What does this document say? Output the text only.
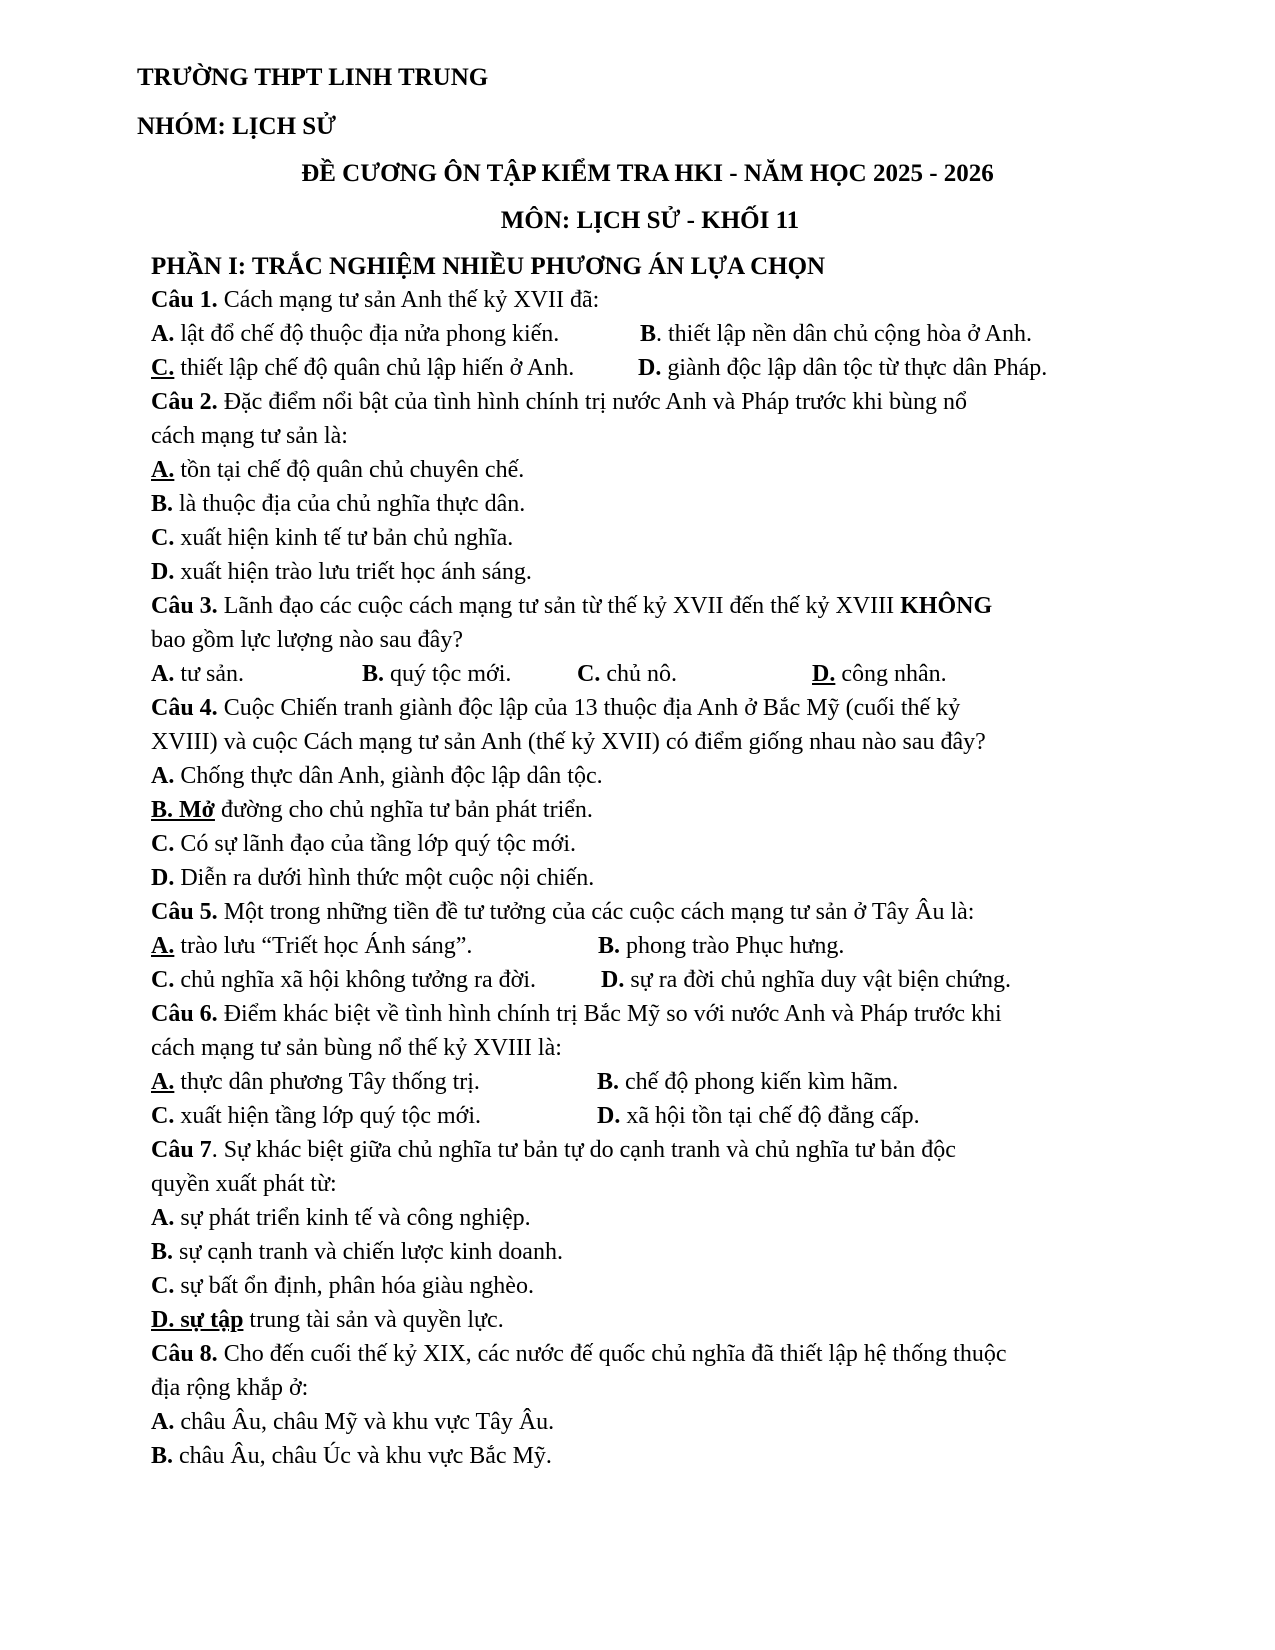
TRƯỜNG THPT LINH TRUNG
NHÓM: LỊCH SỬ
ĐỀ CƯƠNG ÔN TẬP KIỂM TRA HKI - NĂM HỌC 2025 - 2026
MÔN: LỊCH SỬ - KHỐI 11
PHẦN I: TRẮC NGHIỆM NHIỀU PHƯƠNG ÁN LỰA CHỌN
Câu 1. Cách mạng tư sản Anh thế kỷ XVII đã:
A. lật đổ chế độ thuộc địa nửa phong kiến.	B. thiết lập nền dân chủ cộng hòa ở Anh.
C. thiết lập chế độ quân chủ lập hiến ở Anh.	D. giành độc lập dân tộc từ thực dân Pháp.
Câu 2. Đặc điểm nổi bật của tình hình chính trị nước Anh và Pháp trước khi bùng nổ
cách mạng tư sản là:
A. tồn tại chế độ quân chủ chuyên chế.
B. là thuộc địa của chủ nghĩa thực dân.
C. xuất hiện kinh tế tư bản chủ nghĩa.
D. xuất hiện trào lưu triết học ánh sáng.
Câu 3. Lãnh đạo các cuộc cách mạng tư sản từ thế kỷ XVII đến thế kỷ XVIII KHÔNG
bao gồm lực lượng nào sau đây?
A. tư sản.	B. quý tộc mới.	C. chủ nô.	D. công nhân.
Câu 4. Cuộc Chiến tranh giành độc lập của 13 thuộc địa Anh ở Bắc Mỹ (cuối thế kỷ
XVIII) và cuộc Cách mạng tư sản Anh (thế kỷ XVII) có điểm giống nhau nào sau đây?
A. Chống thực dân Anh, giành độc lập dân tộc.
B. Mở đường cho chủ nghĩa tư bản phát triển.
C. Có sự lãnh đạo của tầng lớp quý tộc mới.
D. Diễn ra dưới hình thức một cuộc nội chiến.
Câu 5. Một trong những tiền đề tư tưởng của các cuộc cách mạng tư sản ở Tây Âu là:
A. trào lưu “Triết học Ánh sáng”.	B. phong trào Phục hưng.
C. chủ nghĩa xã hội không tưởng ra đời.	D. sự ra đời chủ nghĩa duy vật biện chứng.
Câu 6. Điểm khác biệt về tình hình chính trị Bắc Mỹ so với nước Anh và Pháp trước khi
cách mạng tư sản bùng nổ thế kỷ XVIII là:
A. thực dân phương Tây thống trị.	B. chế độ phong kiến kìm hãm.
C. xuất hiện tầng lớp quý tộc mới.	D. xã hội tồn tại chế độ đẳng cấp.
Câu 7. Sự khác biệt giữa chủ nghĩa tư bản tự do cạnh tranh và chủ nghĩa tư bản độc
quyền xuất phát từ:
A. sự phát triển kinh tế và công nghiệp.
B. sự cạnh tranh và chiến lược kinh doanh.
C. sự bất ổn định, phân hóa giàu nghèo.
D. sự tập trung tài sản và quyền lực.
Câu 8. Cho đến cuối thế kỷ XIX, các nước đế quốc chủ nghĩa đã thiết lập hệ thống thuộc
địa rộng khắp ở:
A. châu Âu, châu Mỹ và khu vực Tây Âu.
B. châu Âu, châu Úc và khu vực Bắc Mỹ.
